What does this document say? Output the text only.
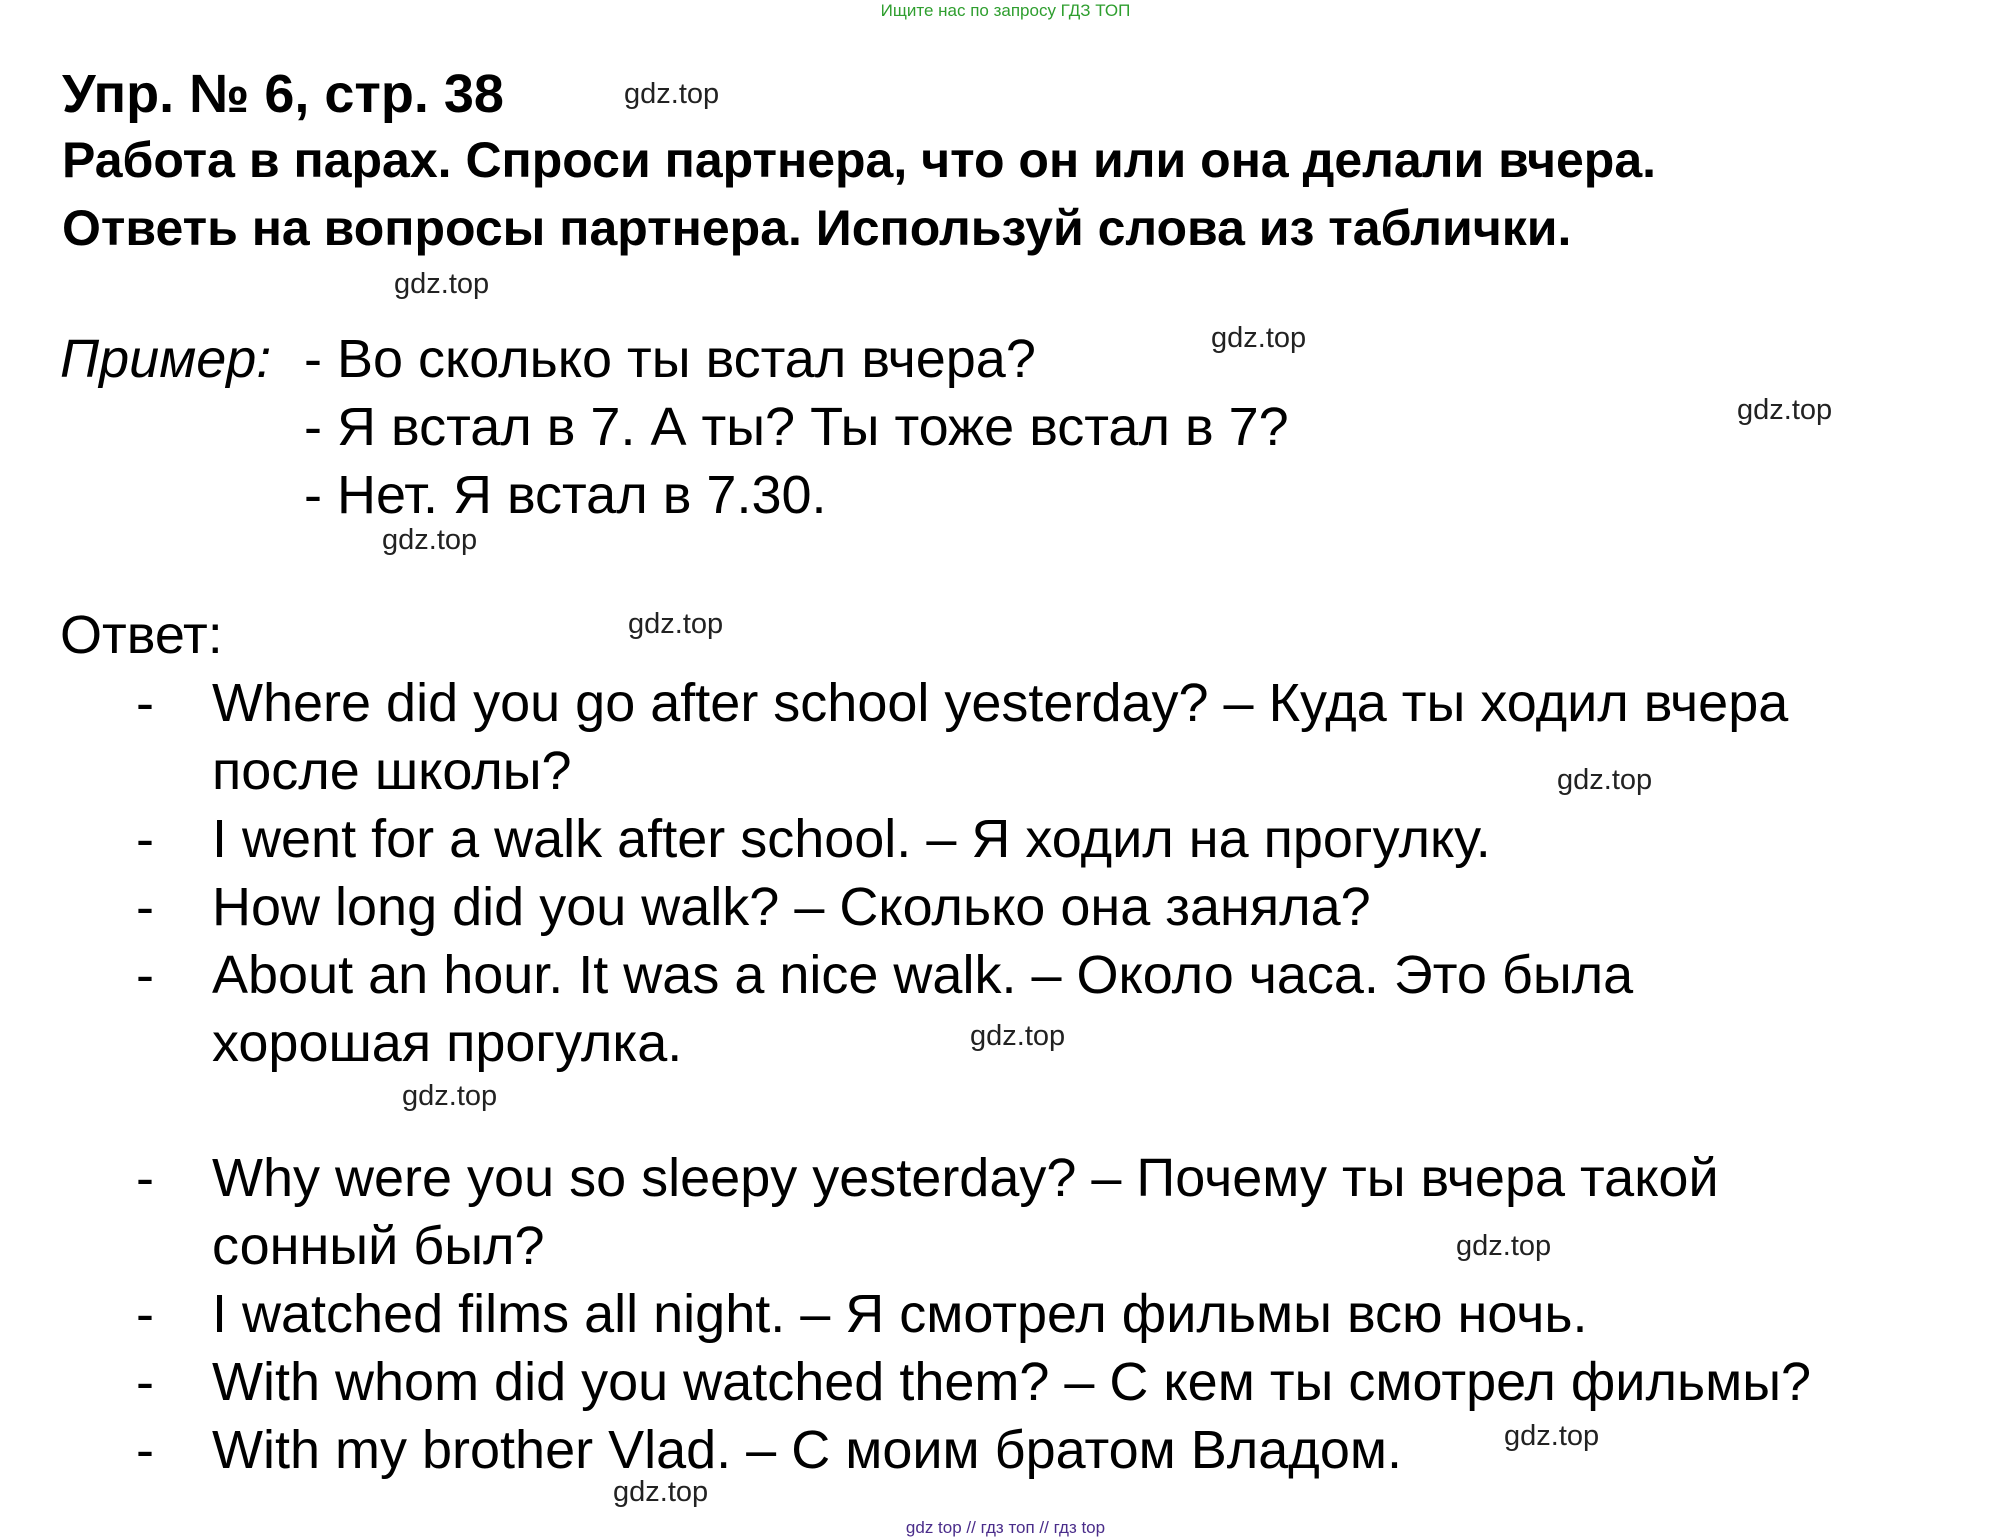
Ищите нас по запросу ГДЗ ТОП
Упр. № 6, стр. 38
Работа в парах. Спроси партнера, что он или она делали вчера.
Ответь на вопросы партнера. Используй слова из таблички.
Пример: - Во сколько ты встал вчера?
- Я встал в 7. А ты? Ты тоже встал в 7?
- Нет. Я встал в 7.30.
Ответ:
- Where did you go after school yesterday? – Куда ты ходил вчера
после школы?
- I went for a walk after school. – Я ходил на прогулку.
- How long did you walk? – Сколько она заняла?
- About an hour. It was a nice walk. – Около часа. Это была
хорошая прогулка.
- Why were you so sleepy yesterday? – Почему ты вчера такой
сонный был?
- I watched films all night. – Я смотрел фильмы всю ночь.
- With whom did you watched them? – С кем ты смотрел фильмы?
- With my brother Vlad. – С моим братом Владом.
gdz.top
gdz.top
gdz.top
gdz.top
gdz.top
gdz.top
gdz.top
gdz.top
gdz.top
gdz.top
gdz.top
gdz.top
gdz top // гдз топ // гдз top
